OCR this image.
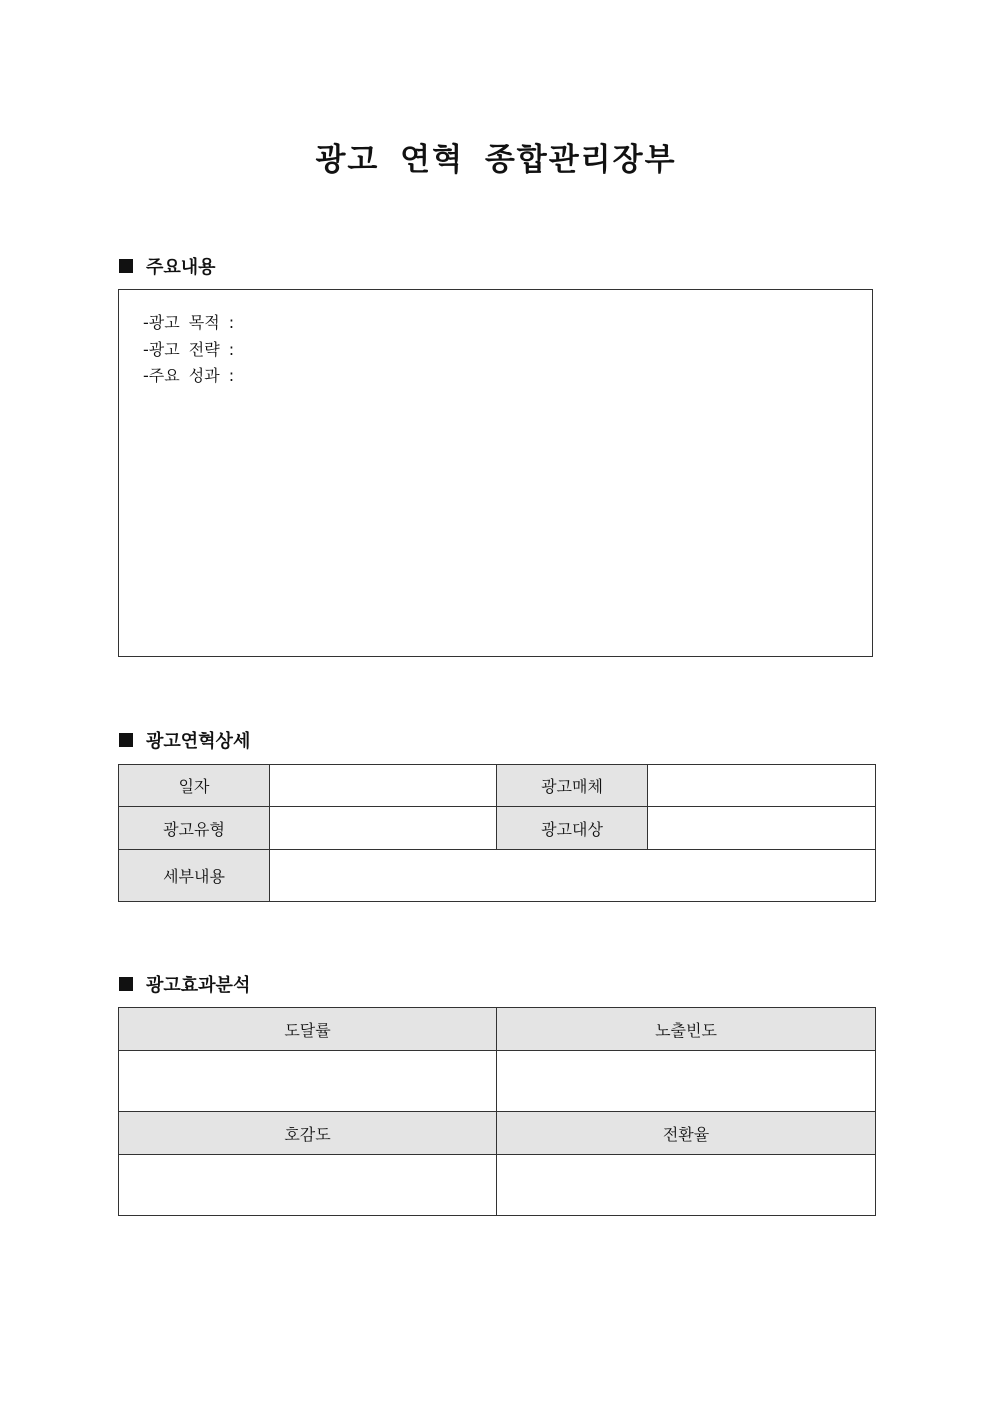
광고 연혁 종합관리장부
주요내용
-광고 목적 :
-광고 전략 :
-주요 성과 :
광고연혁상세
일자		광고매체	
광고유형		광고대상	
세부내용			
광고효과분석
도달률	노출빈도

호감도	전환율
